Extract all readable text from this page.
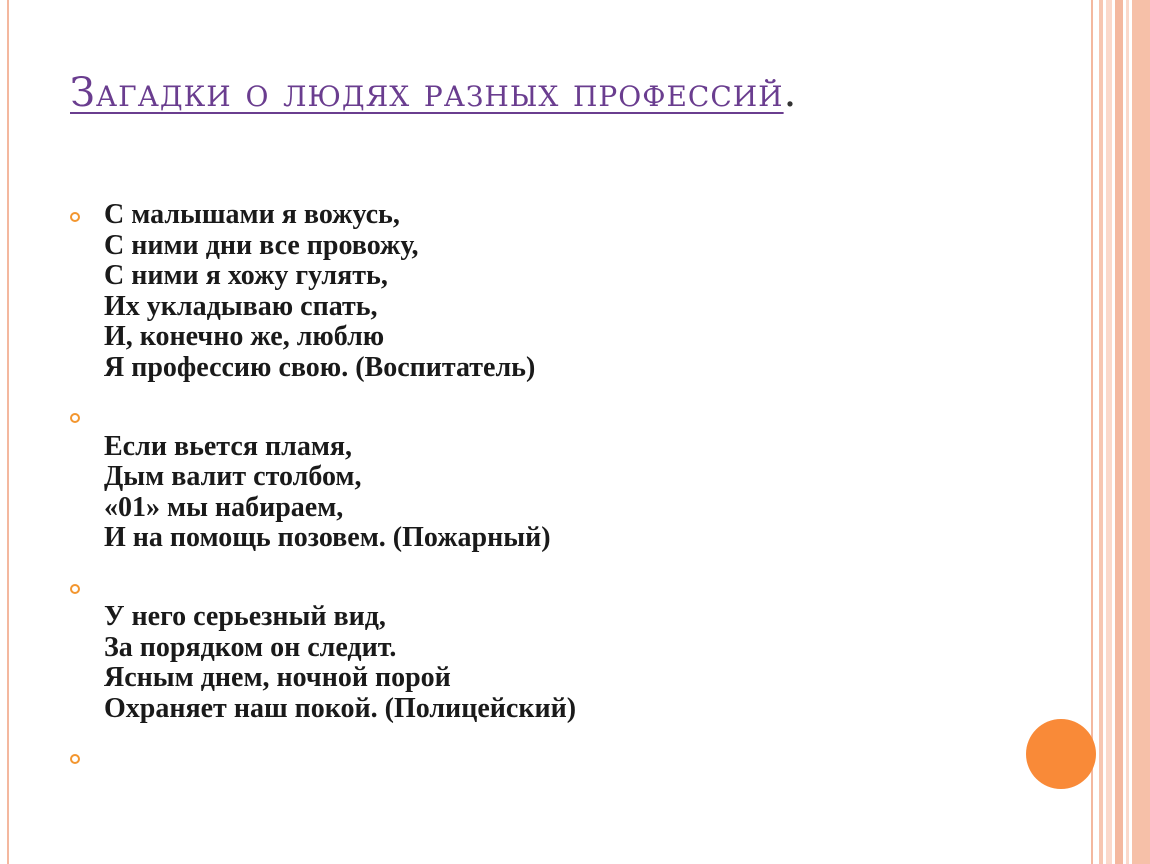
Загадки о людях разных профессий.
С малышами я вожусь,
С ними дни все провожу,
С ними я хожу гулять,
Их укладываю спать,
И, конечно же, люблю
Я профессию свою. (Воспитатель)
Если вьется пламя,
Дым валит столбом,
«01» мы набираем,
И на помощь позовем. (Пожарный)
У него серьезный вид,
За порядком он следит.
Ясным днем, ночной порой
Охраняет наш покой. (Полицейский)
